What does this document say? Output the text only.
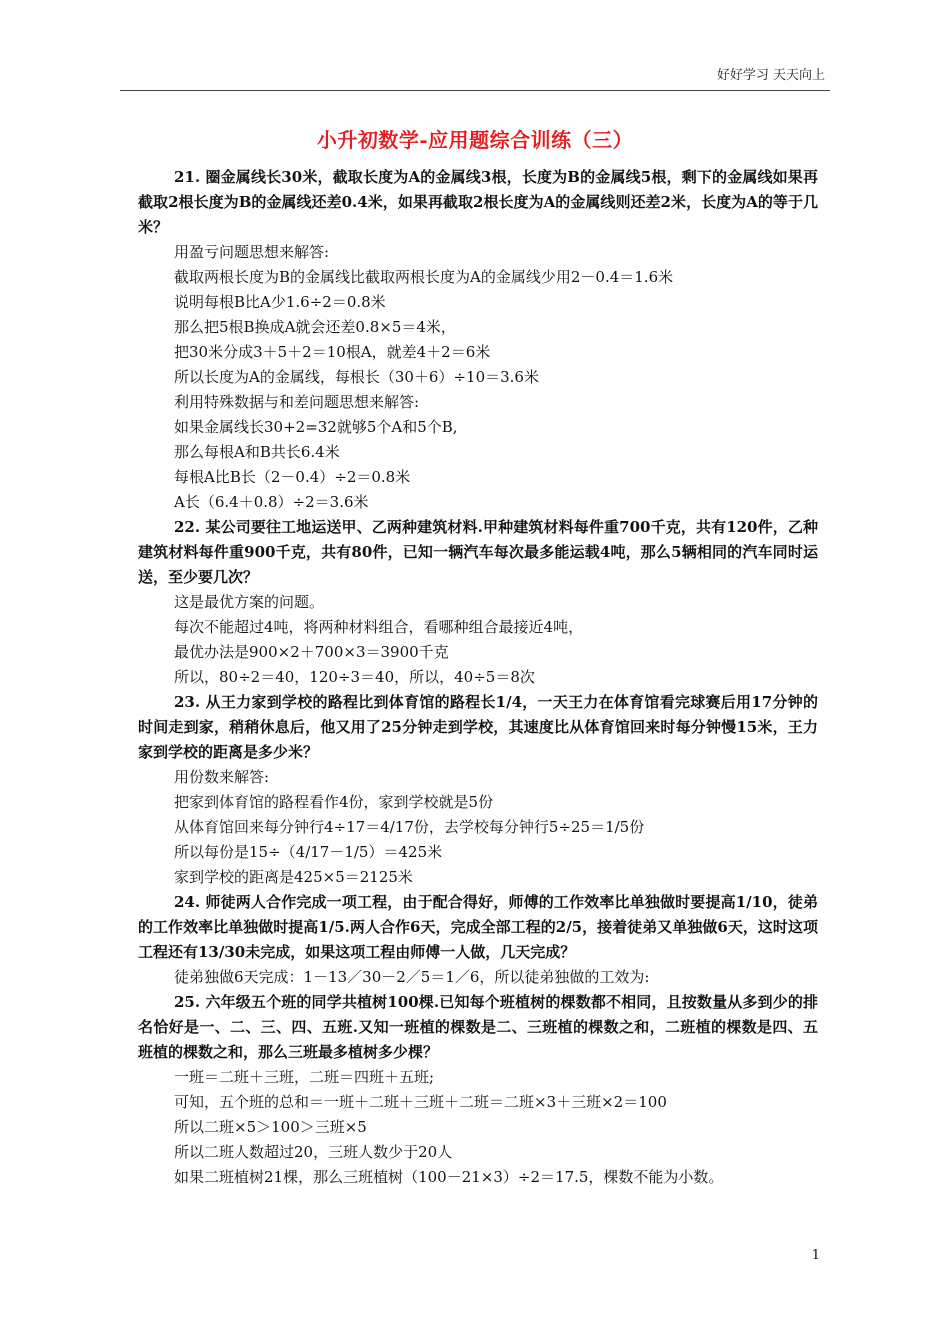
好好学习 天天向上
小升初数学-应用题综合训练（三）

21. 圈金属线长30米，截取长度为A的金属线3根，长度为B的金属线5根，剩下的金属线如果再截取2根长度为B的金属线还差0.4米，如果再截取2根长度为A的金属线则还差2米，长度为A的等于几米？

用盈亏问题思想来解答:

截取两根长度为B的金属线比截取两根长度为A的金属线少用2－0.4＝1.6米

说明每根B比A少1.6÷2＝0.8米

那么把5根B换成A就会还差0.8×5＝4米，

把30米分成3＋5＋2＝10根A，就差4＋2＝6米

所以长度为A的金属线，每根长（30＋6）÷10＝3.6米

利用特殊数据与和差问题思想来解答:

如果金属线长30+2=32就够5个A和5个B,

那么每根A和B共长6.4米

每根A比B长（2－0.4）÷2＝0.8米

A长（6.4＋0.8）÷2＝3.6米

22. 某公司要往工地运送甲、乙两种建筑材料.甲种建筑材料每件重700千克，共有120件，乙种建筑材料每件重900千克，共有80件，已知一辆汽车每次最多能运载4吨，那么5辆相同的汽车同时运送，至少要几次？

这是最优方案的问题。

每次不能超过4吨，将两种材料组合，看哪种组合最接近4吨，

最优办法是900×2＋700×3＝3900千克

所以，80÷2＝40，120÷3＝40，所以，40÷5＝8次

23. 从王力家到学校的路程比到体育馆的路程长1/4，一天王力在体育馆看完球赛后用17分钟的时间走到家，稍稍休息后，他又用了25分钟走到学校，其速度比从体育馆回来时每分钟慢15米，王力家到学校的距离是多少米？

用份数来解答:

把家到体育馆的路程看作4份，家到学校就是5份

从体育馆回来每分钟行4÷17＝4/17份，去学校每分钟行5÷25＝1/5份

所以每份是15÷（4/17－1/5）＝425米

家到学校的距离是425×5＝2125米

24. 师徒两人合作完成一项工程，由于配合得好，师傅的工作效率比单独做时要提高1/10，徒弟的工作效率比单独做时提高1/5.两人合作6天，完成全部工程的2/5，接着徒弟又单独做6天，这时这项工程还有13/30未完成，如果这项工程由师傅一人做，几天完成？

徒弟独做6天完成：1－13／30－2／5＝1／6，所以徒弟独做的工效为:

25. 六年级五个班的同学共植树100棵.已知每个班植树的棵数都不相同，且按数量从多到少的排名恰好是一、二、三、四、五班.又知一班植的棵数是二、三班植的棵数之和，二班植的棵数是四、五班植的棵数之和，那么三班最多植树多少棵？

一班＝二班＋三班，二班＝四班＋五班;

可知，五个班的总和＝一班＋二班＋三班＋二班＝二班×3＋三班×2＝100

所以二班×5＞100＞三班×5

所以二班人数超过20，三班人数少于20人

如果二班植树21棵，那么三班植树（100－21×3）÷2＝17.5，棵数不能为小数。

1
